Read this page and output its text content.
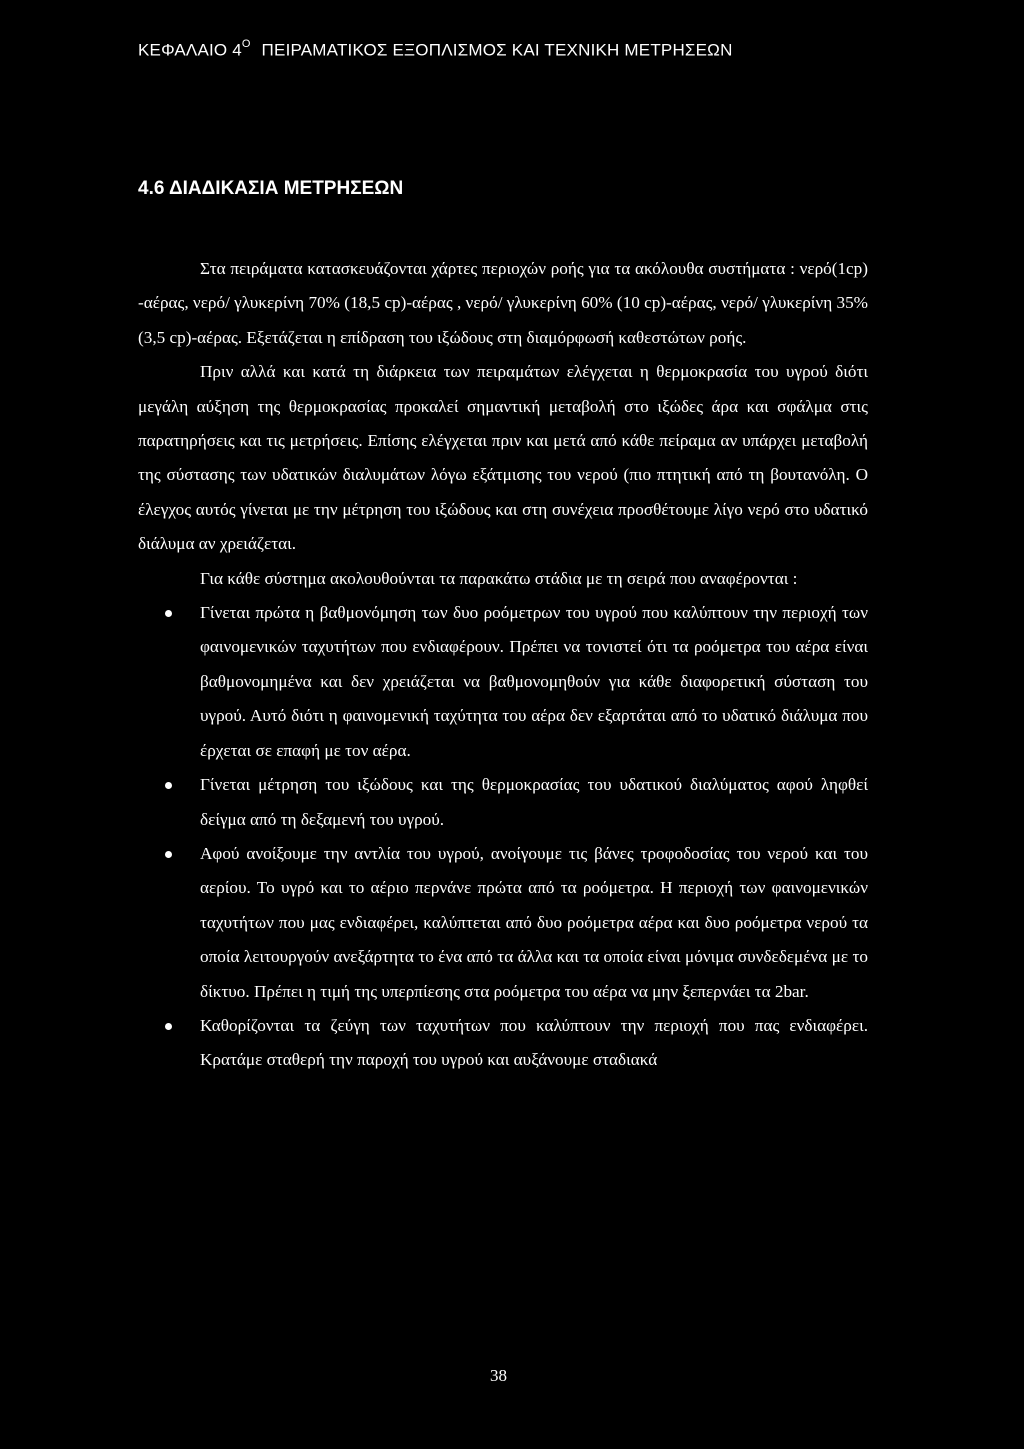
ΚΕΦΑΛΑΙΟ $4^O$ ΠΕΙΡΑΜΑΤΙΚΟΣ ΕΞΟΠΛΙΣΜΟΣ ΚΑΙ ΤΕΧΝΙΚΗ ΜΕΤΡΗΣΕΩΝ
4.6 ΔΙΑΔΙΚΑΣΙΑ ΜΕΤΡΗΣΕΩΝ

Στα πειράματα κατασκευάζονται χάρτες περιοχών ροής για τα ακόλουθα συστήματα : νερό(1cp) -αέρας, νερό/ γλυκερίνη 70% (18,5 cp)-αέρας , νερό/ γλυκερίνη 60% (10 cp)-αέρας, νερό/ γλυκερίνη 35% (3,5 cp)-αέρας. Εξετάζεται η επίδραση του ιξώδους στη διαμόρφωσή καθεστώτων ροής.

Πριν αλλά και κατά τη διάρκεια των πειραμάτων ελέγχεται η θερμοκρασία του υγρού διότι μεγάλη αύξηση της θερμοκρασίας προκαλεί σημαντική μεταβολή στο ιξώδες άρα και σφάλμα στις παρατηρήσεις και τις μετρήσεις. Επίσης ελέγχεται πριν και μετά από κάθε πείραμα αν υπάρχει μεταβολή της σύστασης των υδατικών διαλυμάτων λόγω εξάτμισης του νερού (πιο πτητική από τη βουτανόλη. Ο έλεγχος αυτός γίνεται με την μέτρηση του ιξώδους και στη συνέχεια προσθέτουμε λίγο νερό στο υδατικό διάλυμα αν χρειάζεται.

Για κάθε σύστημα ακολουθούνται τα παρακάτω στάδια με τη σειρά που αναφέρονται :

Γίνεται πρώτα η βαθμονόμηση των δυο ροόμετρων του υγρού που καλύπτουν την περιοχή των φαινομενικών ταχυτήτων που ενδιαφέρουν. Πρέπει να τονιστεί ότι τα ροόμετρα του αέρα είναι βαθμονομημένα και δεν χρειάζεται να βαθμονομηθούν για κάθε διαφορετική σύσταση του υγρού. Αυτό διότι η φαινομενική ταχύτητα του αέρα δεν εξαρτάται από το υδατικό διάλυμα που έρχεται σε επαφή με τον αέρα.
Γίνεται μέτρηση του ιξώδους και της θερμοκρασίας του υδατικού διαλύματος αφού ληφθεί δείγμα από τη δεξαμενή του υγρού.
Αφού ανοίξουμε την αντλία του υγρού, ανοίγουμε τις βάνες τροφοδοσίας του νερού και του αερίου. Το υγρό και το αέριο περνάνε πρώτα από τα ροόμετρα. Η περιοχή των φαινομενικών ταχυτήτων που μας ενδιαφέρει, καλύπτεται από δυο ροόμετρα αέρα και δυο ροόμετρα νερού τα οποία λειτουργούν ανεξάρτητα το ένα από τα άλλα και τα οποία είναι μόνιμα συνδεδεμένα με το δίκτυο. Πρέπει η τιμή της υπερπίεσης στα ροόμετρα του αέρα να μην ξεπερνάει τα 2bar.
Καθορίζονται τα ζεύγη των ταχυτήτων που καλύπτουν την περιοχή που πας ενδιαφέρει. Κρατάμε σταθερή την παροχή του υγρού και αυξάνουμε σταδιακά
38
